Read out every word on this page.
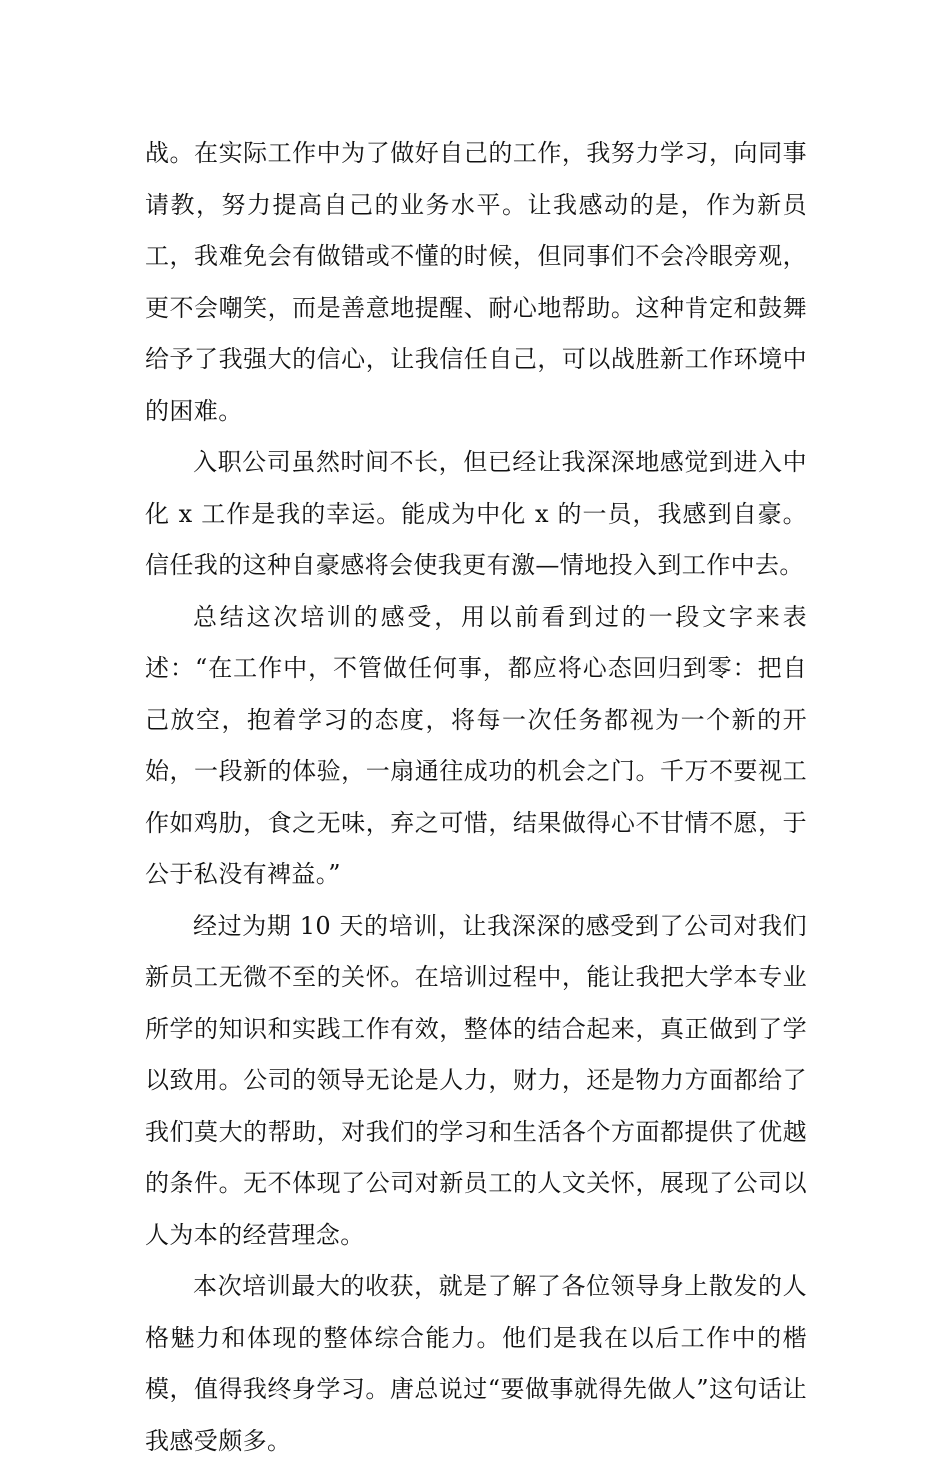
战。在实际工作中为了做好自己的工作，我努力学习，向同事请教，努力提高自己的业务水平。让我感动的是，作为新员工，我难免会有做错或不懂的时候，但同事们不会冷眼旁观，更不会嘲笑，而是善意地提醒、耐心地帮助。这种肯定和鼓舞给予了我强大的信心，让我信任自己，可以战胜新工作环境中的困难。

入职公司虽然时间不长，但已经让我深深地感觉到进入中化 x 工作是我的幸运。能成为中化 x 的一员，我感到自豪。信任我的这种自豪感将会使我更有激—情地投入到工作中去。

总结这次培训的感受，用以前看到过的一段文字来表述：“在工作中，不管做任何事，都应将心态回归到零：把自己放空，抱着学习的态度，将每一次任务都视为一个新的开始，一段新的体验，一扇通往成功的机会之门。千万不要视工作如鸡肋，食之无味，弃之可惜，结果做得心不甘情不愿，于公于私没有裨益。”

经过为期 10 天的培训，让我深深的感受到了公司对我们新员工无微不至的关怀。在培训过程中，能让我把大学本专业所学的知识和实践工作有效，整体的结合起来，真正做到了学以致用。公司的领导无论是人力，财力，还是物力方面都给了我们莫大的帮助，对我们的学习和生活各个方面都提供了优越的条件。无不体现了公司对新员工的人文关怀，展现了公司以人为本的经营理念。

本次培训最大的收获，就是了解了各位领导身上散发的人格魅力和体现的整体综合能力。他们是我在以后工作中的楷模，值得我终身学习。唐总说过“要做事就得先做人”这句话让我感受颇多。
